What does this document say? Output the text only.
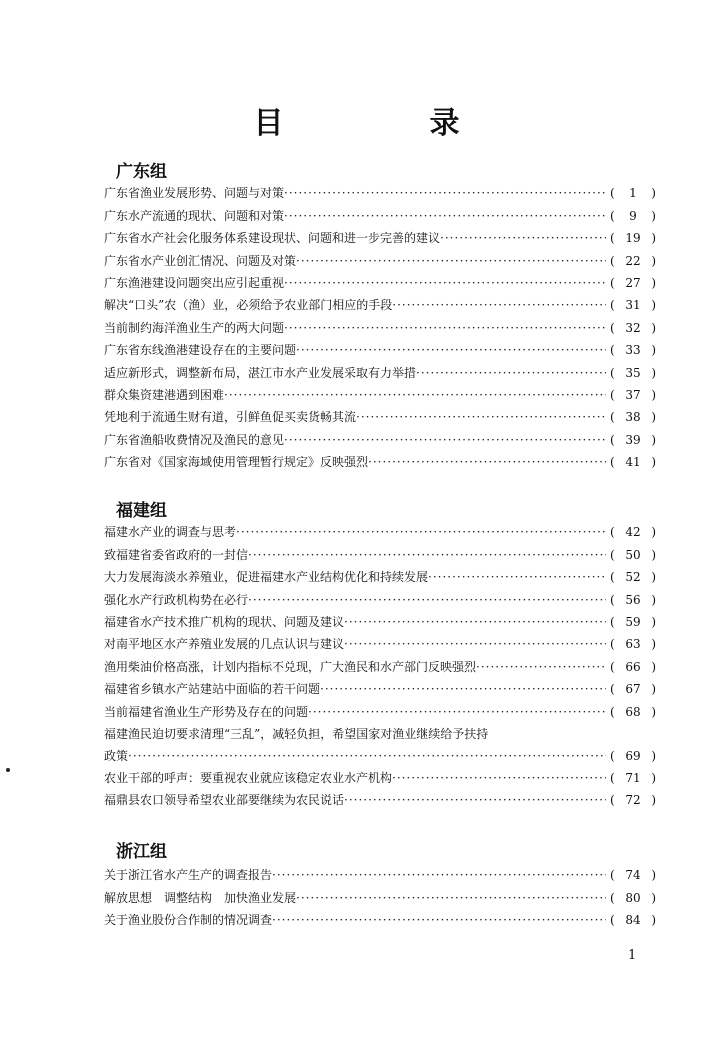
目　录
广东组
广东省渔业发展形势、问题与对策 ·····	( 1 )
广东水产流通的现状、问题和对策 ·····	( 9 )
广东省水产社会化服务体系建设现状、问题和进一步完善的建议 ·····	( 19 )
广东省水产业创汇情况、问题及对策 ·····	( 22 )
广东渔港建设问题突出应引起重视 ·····	( 27 )
解决“口头”农（渔）业，必须给予农业部门相应的手段 ·····	( 31 )
当前制约海洋渔业生产的两大问题 ·····	( 32 )
广东省东线渔港建设存在的主要问题 ·····	( 33 )
适应新形式，调整新布局，湛江市水产业发展采取有力举措 ·····	( 35 )
群众集资建港遇到困难 ·····	( 37 )
凭地利于流通生财有道，引鲜鱼促买卖货畅其流 ·····	( 38 )
广东省渔船收费情况及渔民的意见 ·····	( 39 )
广东省对《国家海域使用管理暂行规定》反映强烈 ·····	( 41 )
福建组
福建水产业的调查与思考 ·····	( 42 )
致福建省委省政府的一封信 ·····	( 50 )
大力发展海淡水养殖业，促进福建水产业结构优化和持续发展 ·····	( 52 )
强化水产行政机构势在必行 ·····	( 56 )
福建省水产技术推广机构的现状、问题及建议 ·····	( 59 )
对南平地区水产养殖业发展的几点认识与建议 ·····	( 63 )
渔用柴油价格高涨，计划内指标不兑现，广大渔民和水产部门反映强烈 ·····	( 66 )
福建省乡镇水产站建站中面临的若干问题 ·····	( 67 )
当前福建省渔业生产形势及存在的问题 ·····	( 68 )
福建渔民迫切要求清理“三乱”，减轻负担，希望国家对渔业继续给予扶持
政策 ·····	( 69 )
农业干部的呼声：要重视农业就应该稳定农业水产机构 ·····	( 71 )
福鼎县农口领导希望农业部要继续为农民说话 ·····	( 72 )
浙江组
关于浙江省水产生产的调查报告 ·····	( 74 )
解放思想　调整结构　加快渔业发展 ·····	( 80 )
关于渔业股份合作制的情况调查 ·····	( 84 )
1
